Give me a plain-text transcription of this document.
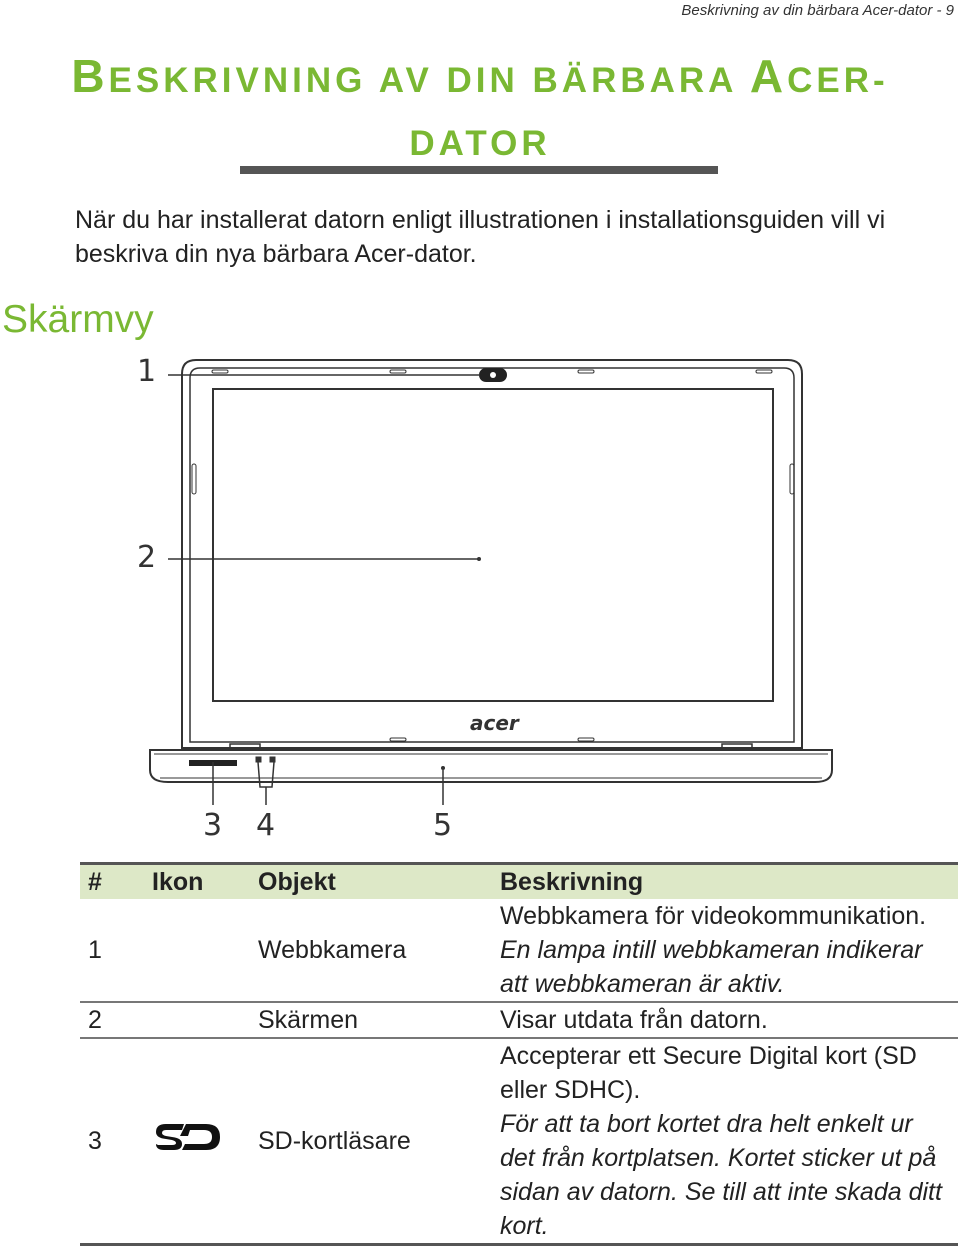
Beskrivning av din bärbara Acer-dator - 9
BESKRIVNING AV DIN BÄRBARA ACER-
DATOR
När du har installerat datorn enligt illustrationen i installationsguiden vill vi beskriva din nya bärbara Acer-dator.
Skärmvy
acer
1
2
3 4	5
#	Ikon	Objekt	Beskrivning
1		Webbkamera	Webbkamera för videokommunikation.
En lampa intill webbkameran indikerar att webbkameran är aktiv.

2		Skärmen	Visar utdata från datorn.

3		SD-kortläsare	Accepterar ett Secure Digital kort (SD eller SDHC).
För att ta bort kortet dra helt enkelt ur det från kortplatsen. Kortet sticker ut på sidan av datorn. Se till att inte skada ditt kort.
